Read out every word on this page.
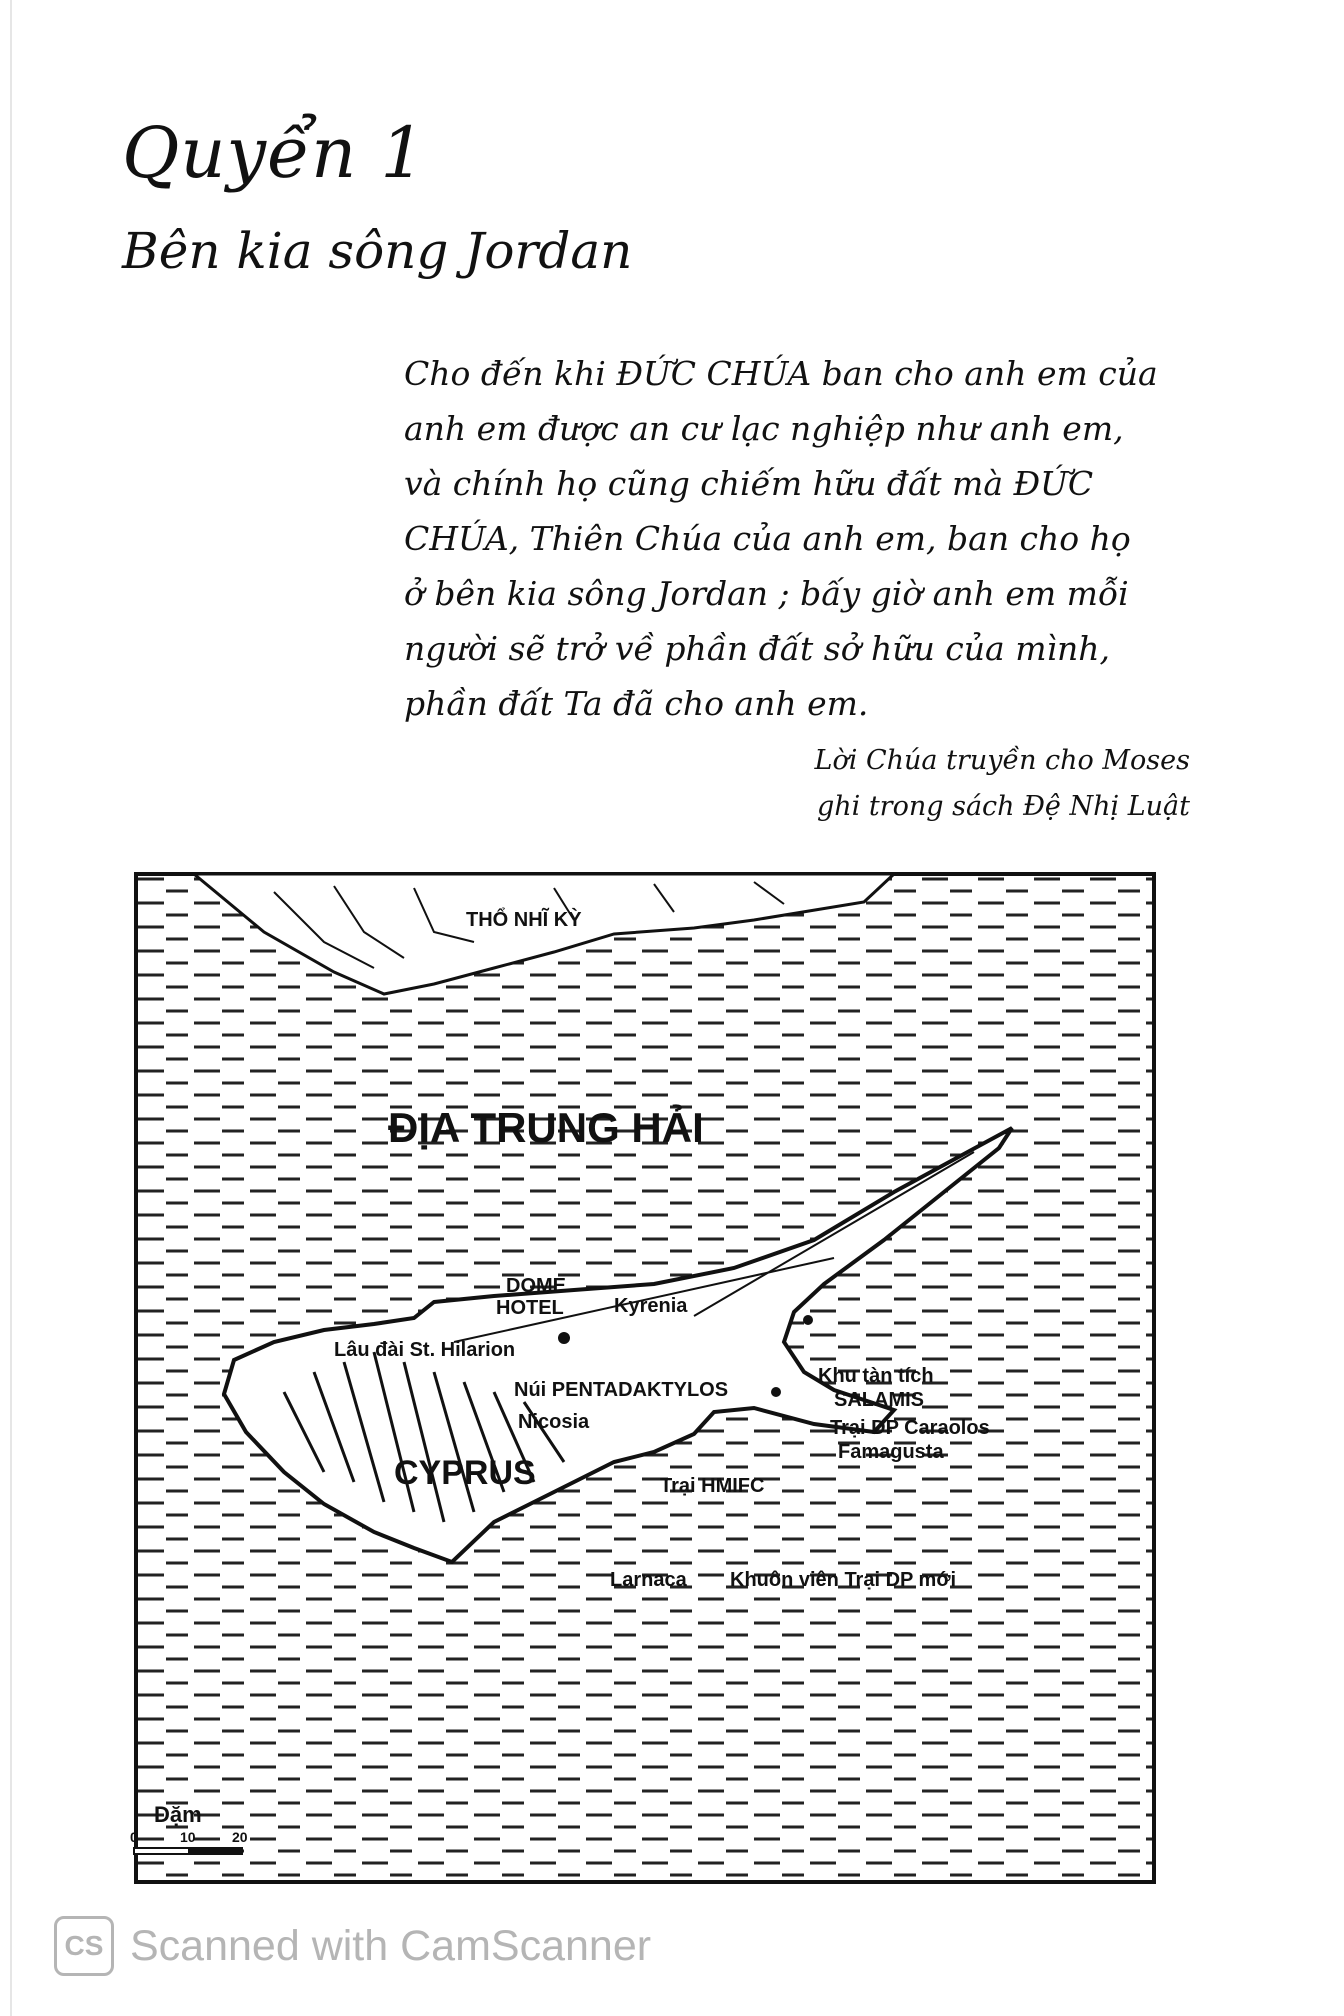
Quyển 1
Bên kia sông Jordan
Cho đến khi ĐỨC CHÚA ban cho anh em của
anh em được an cư lạc nghiệp như anh em,
và chính họ cũng chiếm hữu đất mà ĐỨC
CHÚA, Thiên Chúa của anh em, ban cho họ
ở bên kia sông Jordan ; bấy giờ anh em mỗi
người sẽ trở về phần đất sở hữu của mình,
phần đất Ta đã cho anh em.
Lời Chúa truyền cho Moses
ghi trong sách Đệ Nhị Luật
THỔ NHĨ KỲ
ĐỊA TRUNG HẢI
DOME
HOTEL	Kyrenia
Lâu đài St. Hilarion
Núi PENTADAKTYLOS
Khu tàn tích
SALAMIS
Nicosia	Trại DP Caraolos
Famagusta
CYPRUS	Trại HMIFC
Larnaca Khuôn viên Trại DP mới
Dặm
0	10	20
CS Scanned with CamScanner
